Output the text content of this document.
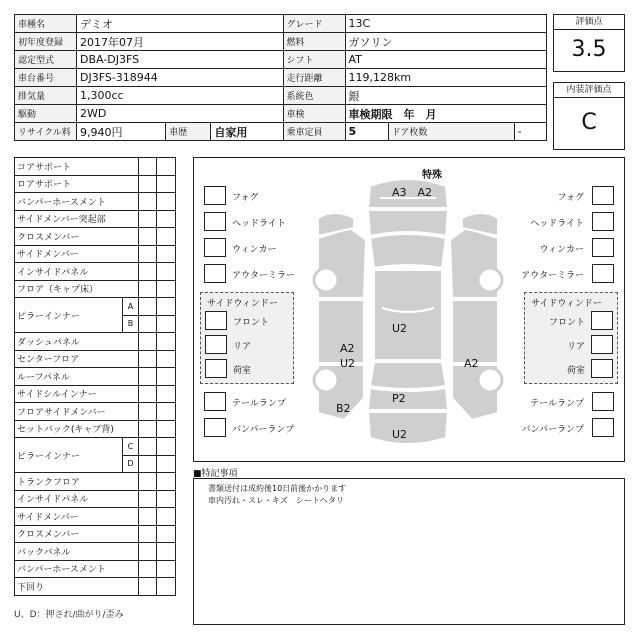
車種名	デミオ			グレード	13C		
初年度登録	2017年07月			燃料	ガソリン		
認定型式	DBA-DJ3FS			シフト	AT		
車台番号	DJ3FS-318944			走行距離	119,128km		
排気量	1,300cc			系統色	銀		
駆動	2WD			車検	車検期限　年　月		
リサイクル料	9,940円	車歴	自家用	乗車定員	5	ドア枚数	-
評価点
3.5
内装評価点
C
コアサポート			
ロアサポート			
バンパーホースメント			
サイドメンバー突起部			
クロスメンバー			
サイドメンバー			
インサイドパネル			
フロア（キャプ床）			
ピラーインナー	A		
	B		
ダッシュパネル			
センターフロア			
ルーフパネル			
サイドシルインナー			
フロアサイドメンバー			
セットバック(キャブ背)			
ピラーインナー	C		
	D		
トランクフロア			
インサイドパネル			
サイドメンバー			
クロスメンバー			
バックパネル			
バンパーホースメント			
下回り			
特殊
A3　A2
U2
A2
U2	A2
B2
P2
U2
フォグ
ヘッドライト
ウィンカー
アウターミラー
フォグ
ヘッドライト
ウィンカー
アウターミラー
サイドウィンドー
フロント
リア
荷室
サイドウィンドー
フロント
リア
荷室
テールランプ
バンパーランプ
テールランプ
バンパーランプ
■特記事項
書類送付は成約後10日前後かかります
車内汚れ・スレ・キズ　シートヘタリ
U、D：押され/曲がり/歪み
